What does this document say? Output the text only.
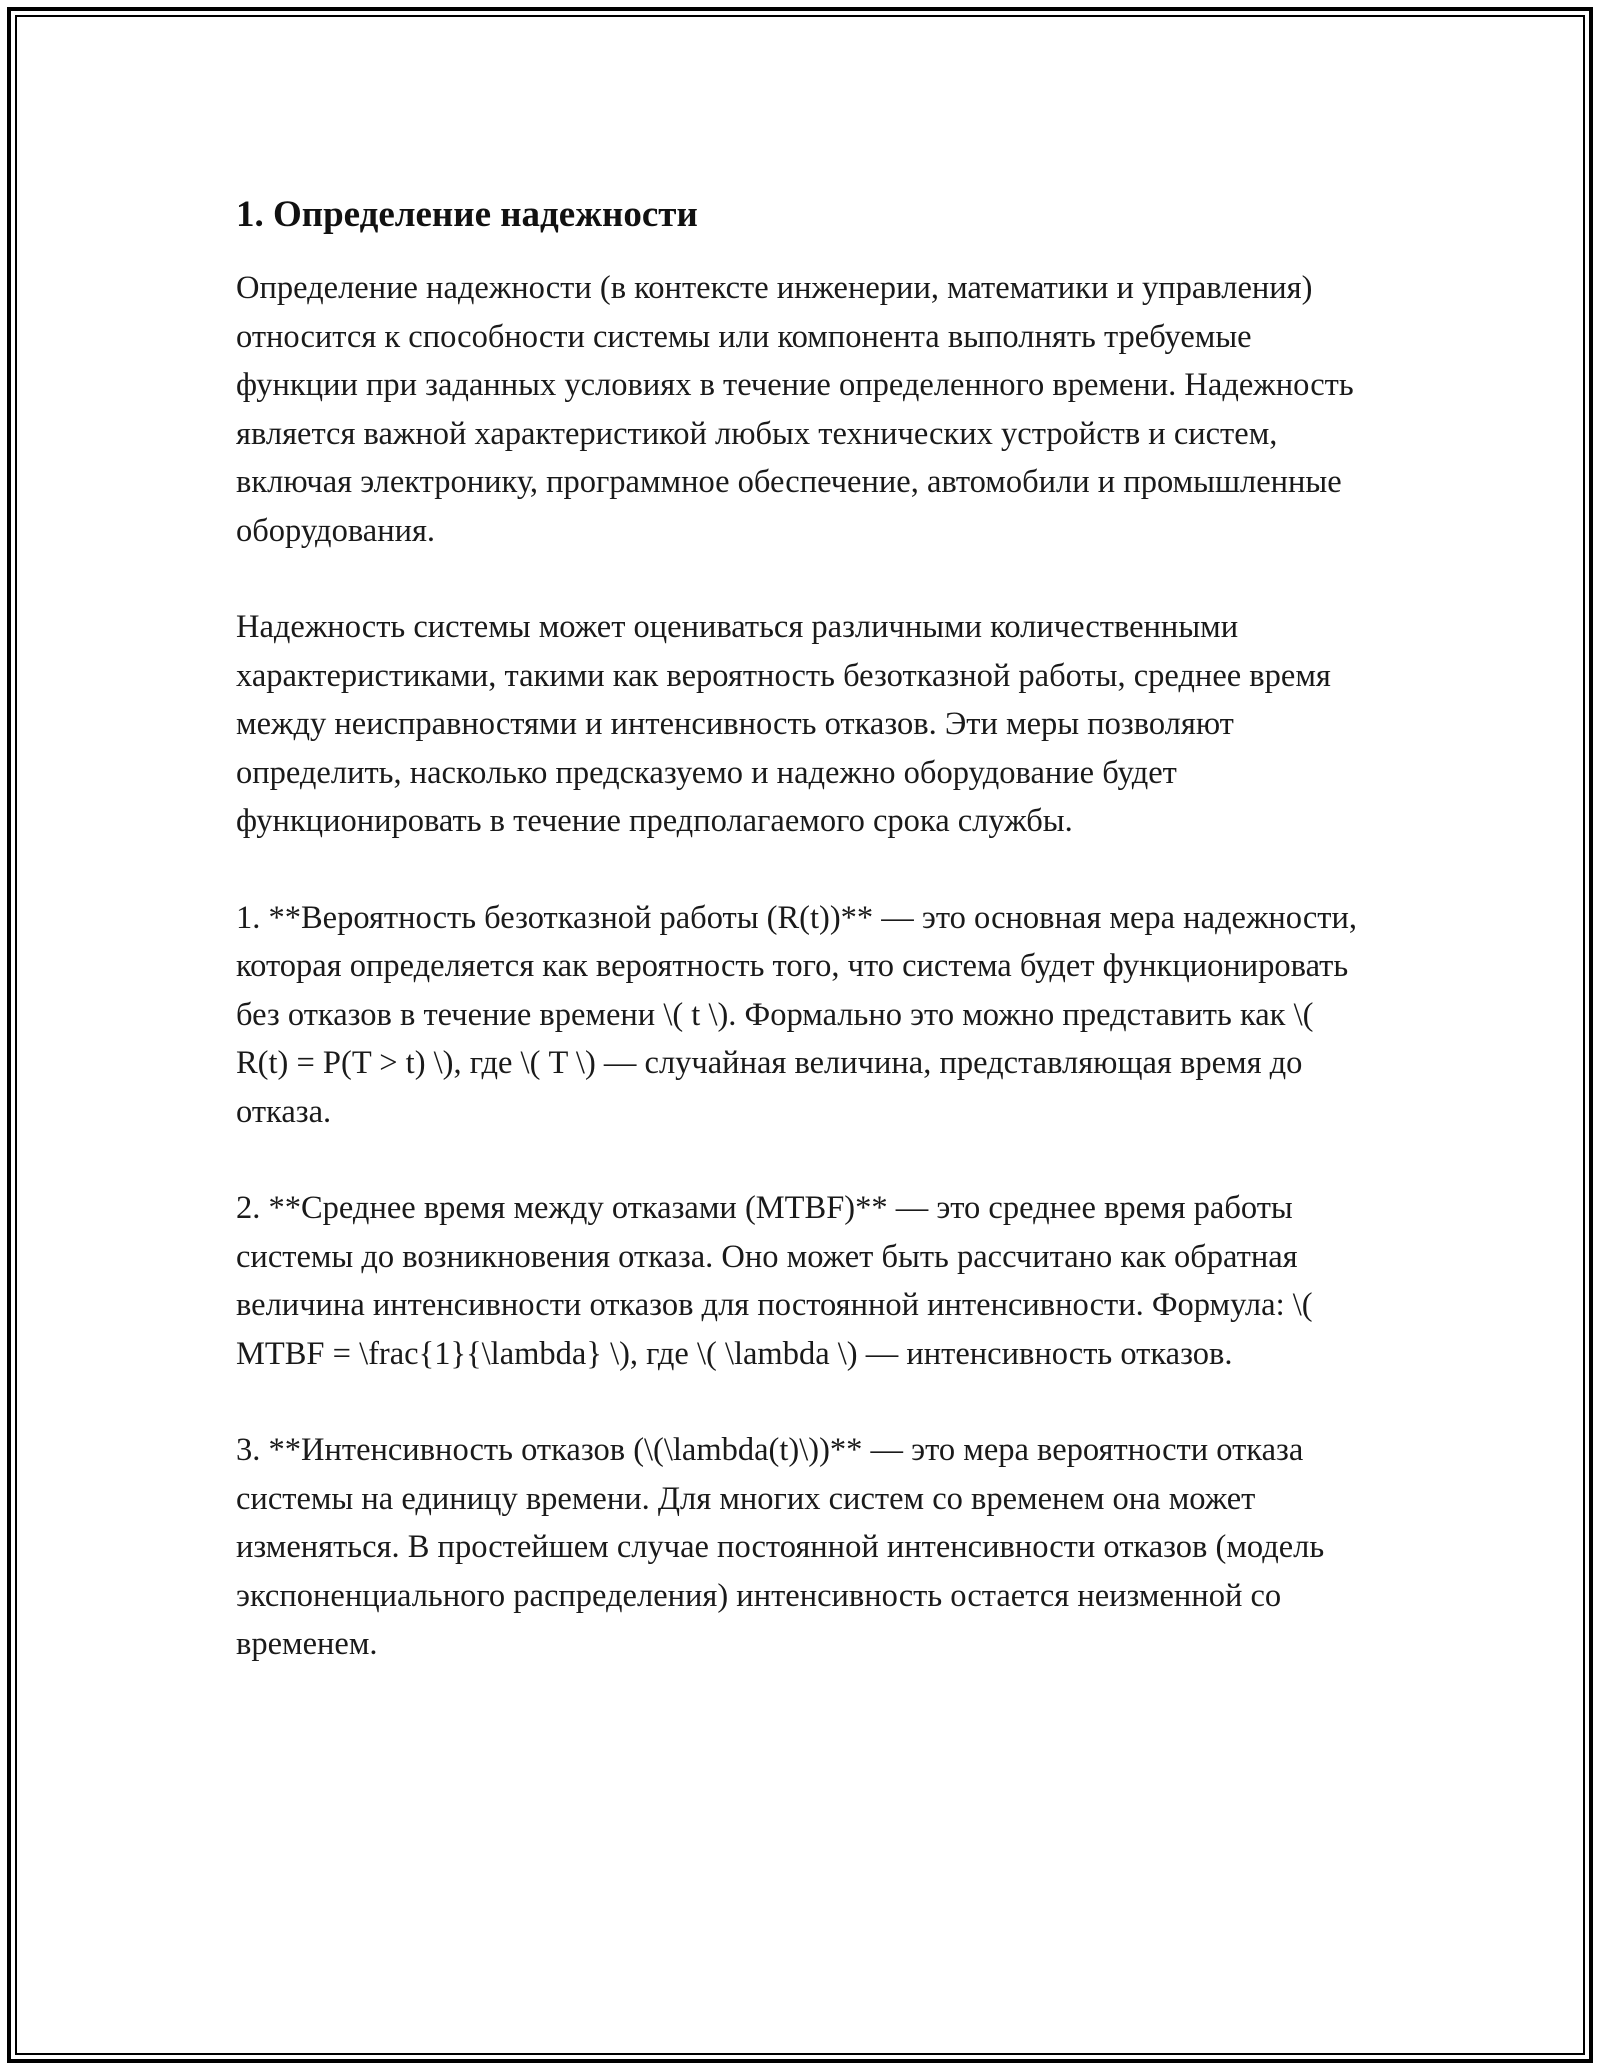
1. Определение надежности

Определение надежности (в контексте инженерии, математики и управления) относится к способности системы или компонента выполнять требуемые функции при заданных условиях в течение определенного времени. Надежность является важной характеристикой любых технических устройств и систем, включая электронику, программное обеспечение, автомобили и промышленные оборудования.

Надежность системы может оцениваться различными количественными характеристиками, такими как вероятность безотказной работы, среднее время между неисправностями и интенсивность отказов. Эти меры позволяют определить, насколько предсказуемо и надежно оборудование будет функционировать в течение предполагаемого срока службы.

1. **Вероятность безотказной работы (R(t))** — это основная мера надежности, которая определяется как вероятность того, что система будет функционировать без отказов в течение времени \( t \). Формально это можно представить как \( R(t) = P(T > t) \), где \( T \) — случайная величина, представляющая время до отказа.

2. **Среднее время между отказами (MTBF)** — это среднее время работы системы до возникновения отказа. Оно может быть рассчитано как обратная величина интенсивности отказов для постоянной интенсивности. Формула: \( MTBF = \frac{1}{\lambda} \), где \( \lambda \) — интенсивность отказов.

3. **Интенсивность отказов (\(\lambda(t)\))** — это мера вероятности отказа системы на единицу времени. Для многих систем со временем она может изменяться. В простейшем случае постоянной интенсивности отказов (модель экспоненциального распределения) интенсивность остается неизменной со временем.
